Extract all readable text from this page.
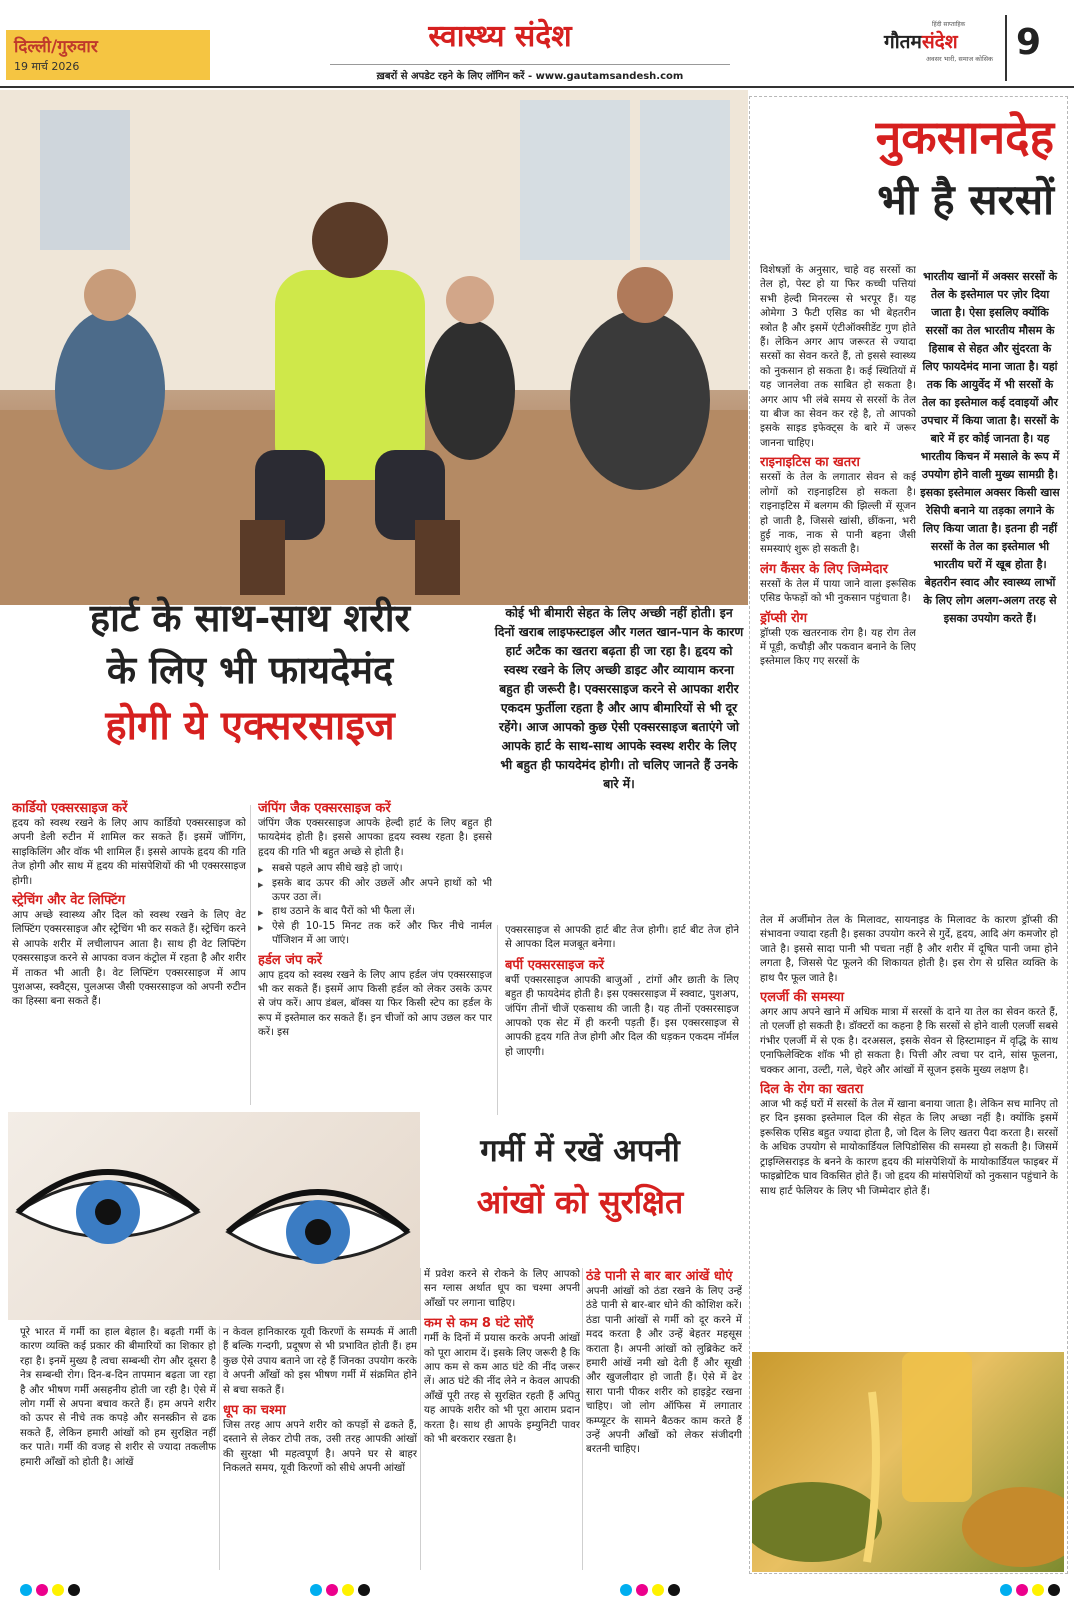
दिल्ली/गुरुवार
19 मार्च 2026
स्वास्थ्य संदेश
ख़बरों से अपडेट रहने के लिए लॉगिन करें - www.gautamsandesh.com
हिंदी साप्ताहिक
गौतमसंदेश
अवसर भारी, समाज कोसिक 9
हार्ट के साथ-साथ शरीर
के लिए भी फायदेमंद
होगी ये एक्सरसाइज
कोई भी बीमारी सेहत के लिए अच्छी नहीं होती। इन दिनों खराब लाइफस्टाइल और गलत खान-पान के कारण हार्ट अटैक का खतरा बढ़ता ही जा रहा है। हृदय को स्वस्थ रखने के लिए अच्छी डाइट और व्यायाम करना बहुत ही जरूरी है। एक्सरसाइज करने से आपका शरीर एकदम फुर्तीला रहता है और आप बीमारियों से भी दूर रहेंगे। आज आपको कुछ ऐसी एक्सरसाइज बताएंगे जो आपके हार्ट के साथ-साथ आपके स्वस्थ शरीर के लिए भी बहुत ही फायदेमंद होगी। तो चलिए जानते हैं उनके बारे में।
कार्डियो एक्सरसाइज करें
हृदय को स्वस्थ रखने के लिए आप कार्डियो एक्सरसाइज को अपनी डेली रुटीन में शामिल कर सकते हैं। इसमें जॉगिंग, साइकिलिंग और वॉक भी शामिल हैं। इससे आपके हृदय की गति तेज होगी और साथ में हृदय की मांसपेशियों की भी एक्सरसाइज होगी।
स्ट्रेचिंग और वेट लिफ्टिंग
आप अच्छे स्वास्थ्य और दिल को स्वस्थ रखने के लिए वेट लिफ्टिंग एक्सरसाइज और स्ट्रेचिंग भी कर सकते हैं। स्ट्रेचिंग करने से आपके शरीर में लचीलापन आता है। साथ ही वेट लिफ्टिंग एक्सरसाइज करने से आपका वजन कंट्रोल में रहता है और शरीर में ताकत भी आती है। वेट लिफ्टिंग एक्सरसाइज में आप पुशअप्स, स्क्वैट्स, पुलअप्स जैसी एक्सरसाइज को अपनी रुटीन का हिस्सा बना सकते हैं।
जंपिंग जैक एक्सरसाइज करें
जंपिंग जैक एक्सरसाइज आपके हेल्दी हार्ट के लिए बहुत ही फायदेमंद होती है। इससे आपका हृदय स्वस्थ रहता है। इससे हृदय की गति भी बहुत अच्छे से होती है।
▶ सबसे पहले आप सीधे खड़े हो जाएं।
▶ इसके बाद ऊपर की ओर उछलें और अपने हाथों को भी ऊपर उठा लें।
▶ हाथ उठाने के बाद पैरों को भी फैला लें।
▶ ऐसे ही 10-15 मिनट तक करें और फिर नीचे नार्मल पॉजिशन में आ जाएं।
हर्डल जंप करें
आप हृदय को स्वस्थ रखने के लिए आप हर्डल जंप एक्सरसाइज भी कर सकते हैं। इसमें आप किसी हर्डल को लेकर उसके ऊपर से जंप करें। आप डंबल, बॉक्स या फिर किसी स्टेप का हर्डल के रूप में इस्तेमाल कर सकते हैं। इन चीजों को आप उछल कर पार करें। इस
एक्सरसाइज से आपकी हार्ट बीट तेज होगी। हार्ट बीट तेज होने से आपका दिल मजबूत बनेगा।
बर्पी एक्सरसाइज करें
बर्पी एक्सरसाइज आपकी बाजुओं , टांगों और छाती के लिए बहुत ही फायदेमंद होती है। इस एक्सरसाइज में स्क्वाट, पुशअप, जंपिंग तीनों चीजें एकसाथ की जाती है। यह तीनों एक्सरसाइज आपको एक सेट में ही करनी पड़ती हैं। इस एक्सरसाइज से आपकी हृदय गति तेज होगी और दिल की धड़कन एकदम नॉर्मल हो जाएगी।
गर्मी में रखें अपनी
आंखों को सुरक्षित
पूरे भारत में गर्मी का हाल बेहाल है। बढ़ती गर्मी के कारण व्यक्ति कई प्रकार की बीमारियों का शिकार हो रहा है। इनमें मुख्य है त्वचा सम्बन्धी रोग और दूसरा है नेत्र सम्बन्धी रोग। दिन-ब-दिन तापमान बढ़ता जा रहा है और भीषण गर्मी असहनीय होती जा रही है। ऐसे में लोग गर्मी से अपना बचाव करते हैं। हम अपने शरीर को ऊपर से नीचे तक कपड़े और सनस्क्रीन से ढक सकते हैं, लेकिन हमारी आंखों को हम सुरक्षित नहीं कर पाते। गर्मी की वजह से शरीर से ज्यादा तकलीफ हमारी आँखों को होती है। आंखें
न केवल हानिकारक यूवी किरणों के सम्पर्क में आती हैं बल्कि गन्दगी, प्रदूषण से भी प्रभावित होती हैं। हम कुछ ऐसे उपाय बताने जा रहे हैं जिनका उपयोग करके वे अपनी आँखों को इस भीषण गर्मी में संक्रमित होने से बचा सकते हैं।
धूप का चश्मा
जिस तरह आप अपने शरीर को कपड़ों से ढकते हैं, दस्ताने से लेकर टोपी तक, उसी तरह आपकी आंखों की सुरक्षा भी महत्वपूर्ण है। अपने घर से बाहर निकलते समय, यूवी किरणों को सीधे अपनी आंखों
में प्रवेश करने से रोकने के लिए आपको सन ग्लास अर्थात धूप का चश्मा अपनी आँखों पर लगाना चाहिए।
कम से कम 8 घंटे सोएँ
गर्मी के दिनों में प्रयास करके अपनी आंखों को पूरा आराम दें। इसके लिए जरूरी है कि आप कम से कम आठ घंटे की नींद जरूर लें। आठ घंटे की नींद लेने न केवल आपकी आँखें पूरी तरह से सुरक्षित रहती हैं अपितु यह आपके शरीर को भी पूरा आराम प्रदान करता है। साथ ही आपके इम्युनिटी पावर को भी बरकरार रखता है।
ठंडे पानी से बार बार आंखें धोएं
अपनी आंखों को ठंडा रखने के लिए उन्हें ठंडे पानी से बार-बार धोने की कोशिश करें। ठंडा पानी आंखों से गर्मी को दूर करने में मदद करता है और उन्हें बेहतर महसूस कराता है। अपनी आंखों को लुब्रिकेट करें हमारी आंखें नमी खो देती हैं और सूखी और खुजलीदार हो जाती हैं। ऐसे में ढेर सारा पानी पीकर शरीर को हाइड्रेट रखना चाहिए। जो लोग ऑफिस में लगातार कम्प्यूटर के सामने बैठकर काम करते हैं उन्हें अपनी आँखों को लेकर संजीदगी बरतनी चाहिए।
नुकसानदेह
भी है सरसों
विशेषज्ञों के अनुसार, चाहे वह सरसों का तेल हो, पेस्ट हो या फिर कच्ची पत्तियां सभी हेल्दी मिनरल्स से भरपूर हैं। यह ओमेगा 3 फैटी एसिड का भी बेहतरीन स्त्रोत है और इसमें एंटीऑक्सीडेंट गुण होते हैं। लेकिन अगर आप जरूरत से ज्यादा सरसों का सेवन करते हैं, तो इससे स्वास्थ्य को नुकसान हो सकता है। कई स्थितियों में यह जानलेवा तक साबित हो सकता है। अगर आप भी लंबे समय से सरसों के तेल या बीज का सेवन कर रहे है, तो आपको इसके साइड इफेक्ट्स के बारे में जरूर जानना चाहिए।
राइनाइटिस का खतरा
सरसों के तेल के लगातार सेवन से कई लोगों को राइनाइटिस हो सकता है। राइनाइटिस में बलगम की झिल्ली में सूजन हो जाती है, जिससे खांसी, छींकना, भरी हुई नाक, नाक से पानी बहना जैसी समस्याएं शुरू हो सकती है।
लंग कैंसर के लिए जिम्मेदार
सरसों के तेल में पाया जाने वाला इरूसिक एसिड फेफड़ों को भी नुकसान पहुंचाता है।
ड्रॉप्सी रोग
ड्रॉप्सी एक खतरनाक रोग है। यह रोग तेल में पूड़ी, कचौड़ी और पकवान बनाने के लिए इस्तेमाल किए गए सरसों के
भारतीय खानों में अक्सर सरसों के तेल के इस्तेमाल पर ज़ोर दिया जाता है। ऐसा इसलिए क्योंकि सरसों का तेल भारतीय मौसम के हिसाब से सेहत और सुंदरता के लिए फायदेमंद माना जाता है। यहां तक कि आयुर्वेद में भी सरसों के तेल का इस्तेमाल कई दवाइयों और उपचार में किया जाता है। सरसों के बारे में हर कोई जानता है। यह भारतीय किचन में मसाले के रूप में उपयोग होने वाली मुख्य सामग्री है। इसका इस्तेमाल अक्सर किसी खास रेसिपी बनाने या तड़का लगाने के लिए किया जाता है। इतना ही नहीं सरसों के तेल का इस्तेमाल भी भारतीय घरों में खूब होता है। बेहतरीन स्वाद और स्वास्थ्य लाभों के लिए लोग अलग-अलग तरह से इसका उपयोग करते हैं।
तेल में अर्जीमोन तेल के मिलावट, सायनाइड के मिलावट के कारण ड्रॉप्सी की संभावना ज्यादा रहती है। इसका उपयोग करने से गुर्दे, हृदय, आदि अंग कमजोर हो जाते है। इससे सादा पानी भी पचता नहीं है और शरीर में दूषित पानी जमा होने लगता है, जिससे पेट फूलने की शिकायत होती है। इस रोग से ग्रसित व्यक्ति के हाथ पैर फूल जाते है।
एलर्जी की समस्या
अगर आप अपने खाने में अधिक मात्रा में सरसों के दाने या तेल का सेवन करते हैं, तो एलर्जी हो सकती है। डॉक्टरों का कहना है कि सरसों से होने वाली एलर्जी सबसे गंभीर एलर्जी में से एक है। दरअसल, इसके सेवन से हिस्टामाइन में वृद्धि के साथ एनाफिलेक्टिक शॉक भी हो सकता है। पित्ती और त्वचा पर दाने, सांस फूलना, चक्कर आना, उल्टी, गले, चेहरे और आंखों में सूजन इसके मुख्य लक्षण है।
दिल के रोग का खतरा
आज भी कई घरों में सरसों के तेल में खाना बनाया जाता है। लेकिन सच मानिए तो हर दिन इसका इस्तेमाल दिल की सेहत के लिए अच्छा नहीं है। क्योंकि इसमें इरूसिक एसिड बहुत ज्यादा होता है, जो दिल के लिए खतरा पैदा करता है। सरसों के अधिक उपयोग से मायोकार्डियल लिपिडोसिस की समस्या हो सकती है। जिसमें ट्राइग्लिसराइड के बनने के कारण हृदय की मांसपेशियों के मायोकार्डियल फाइबर में फाइब्रोटिक घाव विकसित होते हैं। जो हृदय की मांसपेशियों को नुकसान पहुंचाने के साथ हार्ट फेलियर के लिए भी जिम्मेदार होते हैं।
